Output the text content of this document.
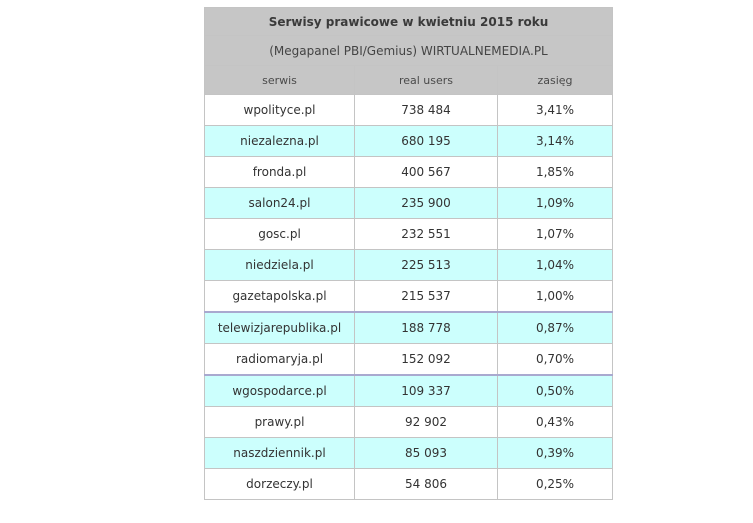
Serwisy prawicowe w kwietniu 2015 roku		
(Megapanel PBI/Gemius) WIRTUALNEMEDIA.PL		
serwis	real users	zasięg
wpolityce.pl	738 484	3,41%
niezalezna.pl	680 195	3,14%
fronda.pl	400 567	1,85%
salon24.pl	235 900	1,09%
gosc.pl	232 551	1,07%
niedziela.pl	225 513	1,04%
gazetapolska.pl	215 537	1,00%
telewizjarepublika.pl	188 778	0,87%
radiomaryja.pl	152 092	0,70%
wgospodarce.pl	109 337	0,50%
prawy.pl	92 902	0,43%
naszdziennik.pl	85 093	0,39%
dorzeczy.pl	54 806	0,25%
